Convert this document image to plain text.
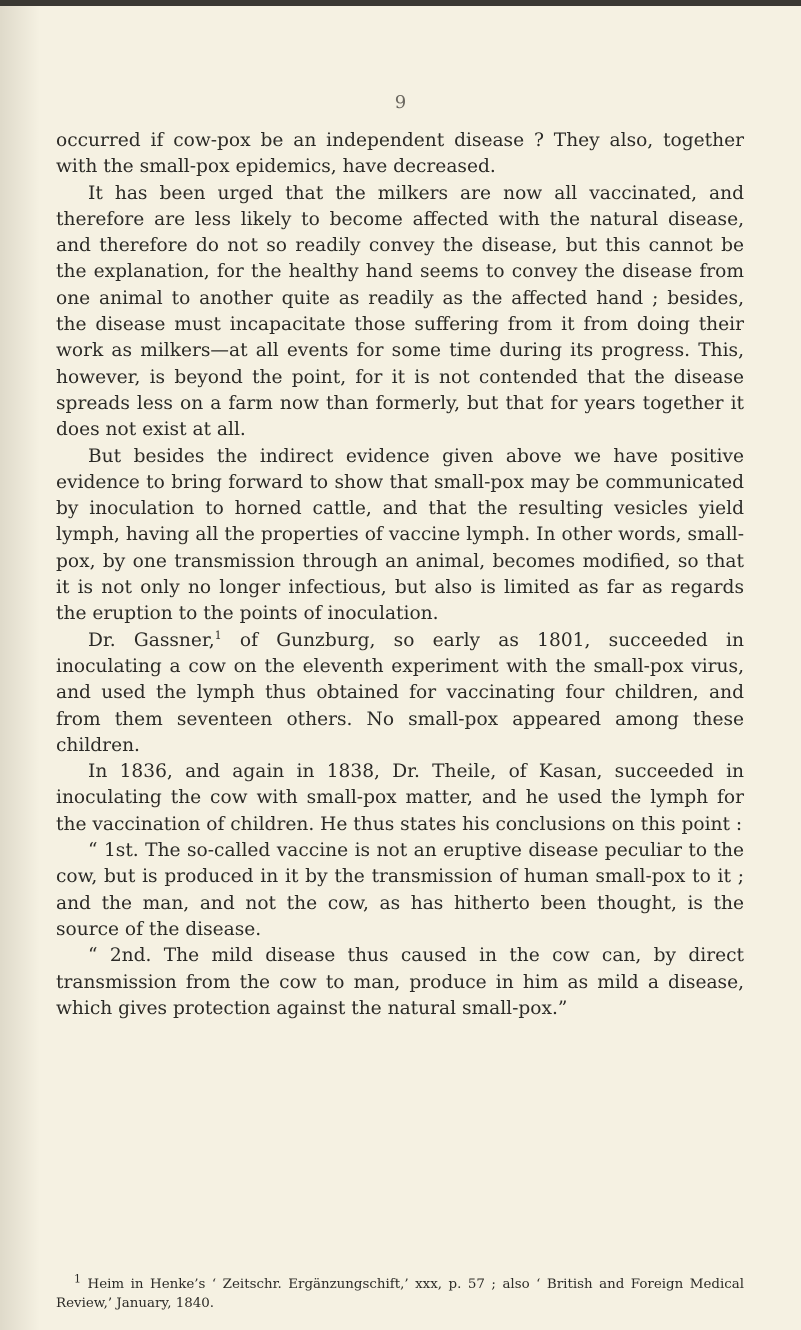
9

occurred if cow-pox be an independent disease ? They also, together with the small-pox epidemics, have decreased.

It has been urged that the milkers are now all vaccinated, and therefore are less likely to become affected with the natural disease, and therefore do not so readily convey the disease, but this cannot be the explanation, for the healthy hand seems to convey the disease from one animal to another quite as readily as the affected hand ; besides, the disease must incapacitate those suffering from it from doing their work as milkers—at all events for some time during its progress. This, however, is beyond the point, for it is not contended that the disease spreads less on a farm now than formerly, but that for years together it does not exist at all.

But besides the indirect evidence given above we have positive evidence to bring forward to show that small-pox may be communicated by inoculation to horned cattle, and that the resulting vesicles yield lymph, having all the properties of vaccine lymph. In other words, small-pox, by one transmission through an animal, becomes modified, so that it is not only no longer infectious, but also is limited as far as regards the eruption to the points of inoculation.

Dr. Gassner,$^1$ of Gunzburg, so early as 1801, succeeded in inoculating a cow on the eleventh experiment with the small-pox virus, and used the lymph thus obtained for vaccinating four children, and from them seventeen others. No small-pox appeared among these children.

In 1836, and again in 1838, Dr. Theile, of Kasan, succeeded in inoculating the cow with small-pox matter, and he used the lymph for the vaccination of children. He thus states his conclusions on this point :

“ 1st. The so-called vaccine is not an eruptive disease peculiar to the cow, but is produced in it by the transmission of human small-pox to it ; and the man, and not the cow, as has hitherto been thought, is the source of the disease.

“ 2nd. The mild disease thus caused in the cow can, by direct transmission from the cow to man, produce in him as mild a disease, which gives protection against the natural small-pox.”

$^1$ Heim in Henke’s ‘ Zeitschr. Ergänzungschift,’ xxx, p. 57 ; also ‘ British and Foreign Medical Review,’ January, 1840.
